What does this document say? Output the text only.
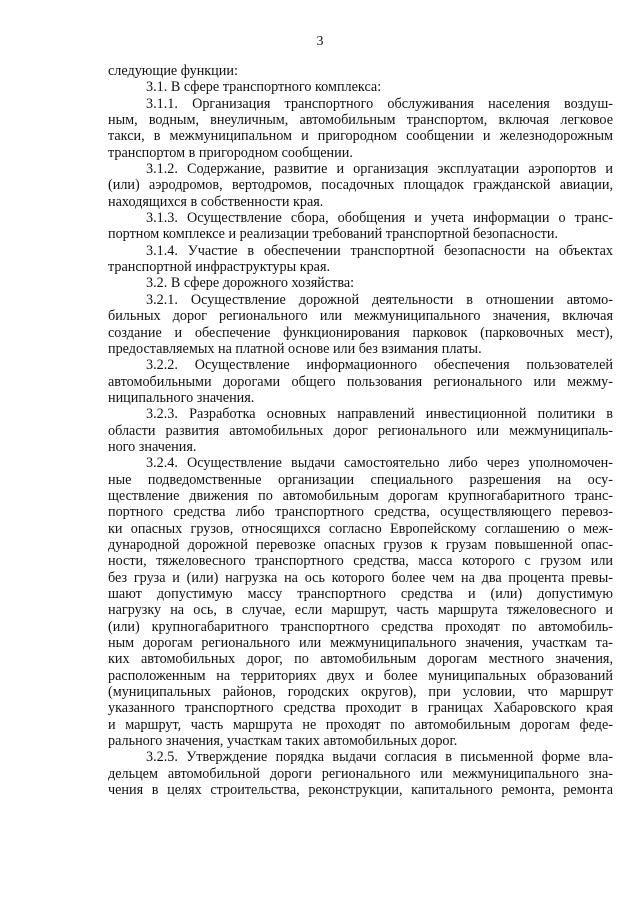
3
следующие функции:
3.1. В сфере транспортного комплекса:
3.1.1. Организация транспортного обслуживания населения воздуш-
ным, водным, внеуличным, автомобильным транспортом, включая легковое
такси, в межмуниципальном и пригородном сообщении и железнодорожным
транспортом в пригородном сообщении.
3.1.2. Содержание, развитие и организация эксплуатации аэропортов и
(или) аэродромов, вертодромов, посадочных площадок гражданской авиации,
находящихся в собственности края.
3.1.3. Осуществление сбора, обобщения и учета информации о транс-
портном комплексе и реализации требований транспортной безопасности.
3.1.4. Участие в обеспечении транспортной безопасности на объектах
транспортной инфраструктуры края.
3.2. В сфере дорожного хозяйства:
3.2.1. Осуществление дорожной деятельности в отношении автомо-
бильных дорог регионального или межмуниципального значения, включая
создание и обеспечение функционирования парковок (парковочных мест),
предоставляемых на платной основе или без взимания платы.
3.2.2. Осуществление информационного обеспечения пользователей
автомобильными дорогами общего пользования регионального или межму-
ниципального значения.
3.2.3. Разработка основных направлений инвестиционной политики в
области развития автомобильных дорог регионального или межмуниципаль-
ного значения.
3.2.4. Осуществление выдачи самостоятельно либо через уполномочен-
ные подведомственные организации специального разрешения на осу-
ществление движения по автомобильным дорогам крупногабаритного транс-
портного средства либо транспортного средства, осуществляющего перевоз-
ки опасных грузов, относящихся согласно Европейскому соглашению о меж-
дународной дорожной перевозке опасных грузов к грузам повышенной опас-
ности, тяжеловесного транспортного средства, масса которого с грузом или
без груза и (или) нагрузка на ось которого более чем на два процента превы-
шают допустимую массу транспортного средства и (или) допустимую
нагрузку на ось, в случае, если маршрут, часть маршрута тяжеловесного и
(или) крупногабаритного транспортного средства проходят по автомобиль-
ным дорогам регионального или межмуниципального значения, участкам та-
ких автомобильных дорог, по автомобильным дорогам местного значения,
расположенным на территориях двух и более муниципальных образований
(муниципальных районов, городских округов), при условии, что маршрут
указанного транспортного средства проходит в границах Хабаровского края
и маршрут, часть маршрута не проходят по автомобильным дорогам феде-
рального значения, участкам таких автомобильных дорог.
3.2.5. Утверждение порядка выдачи согласия в письменной форме вла-
дельцем автомобильной дороги регионального или межмуниципального зна-
чения в целях строительства, реконструкции, капитального ремонта, ремонта
